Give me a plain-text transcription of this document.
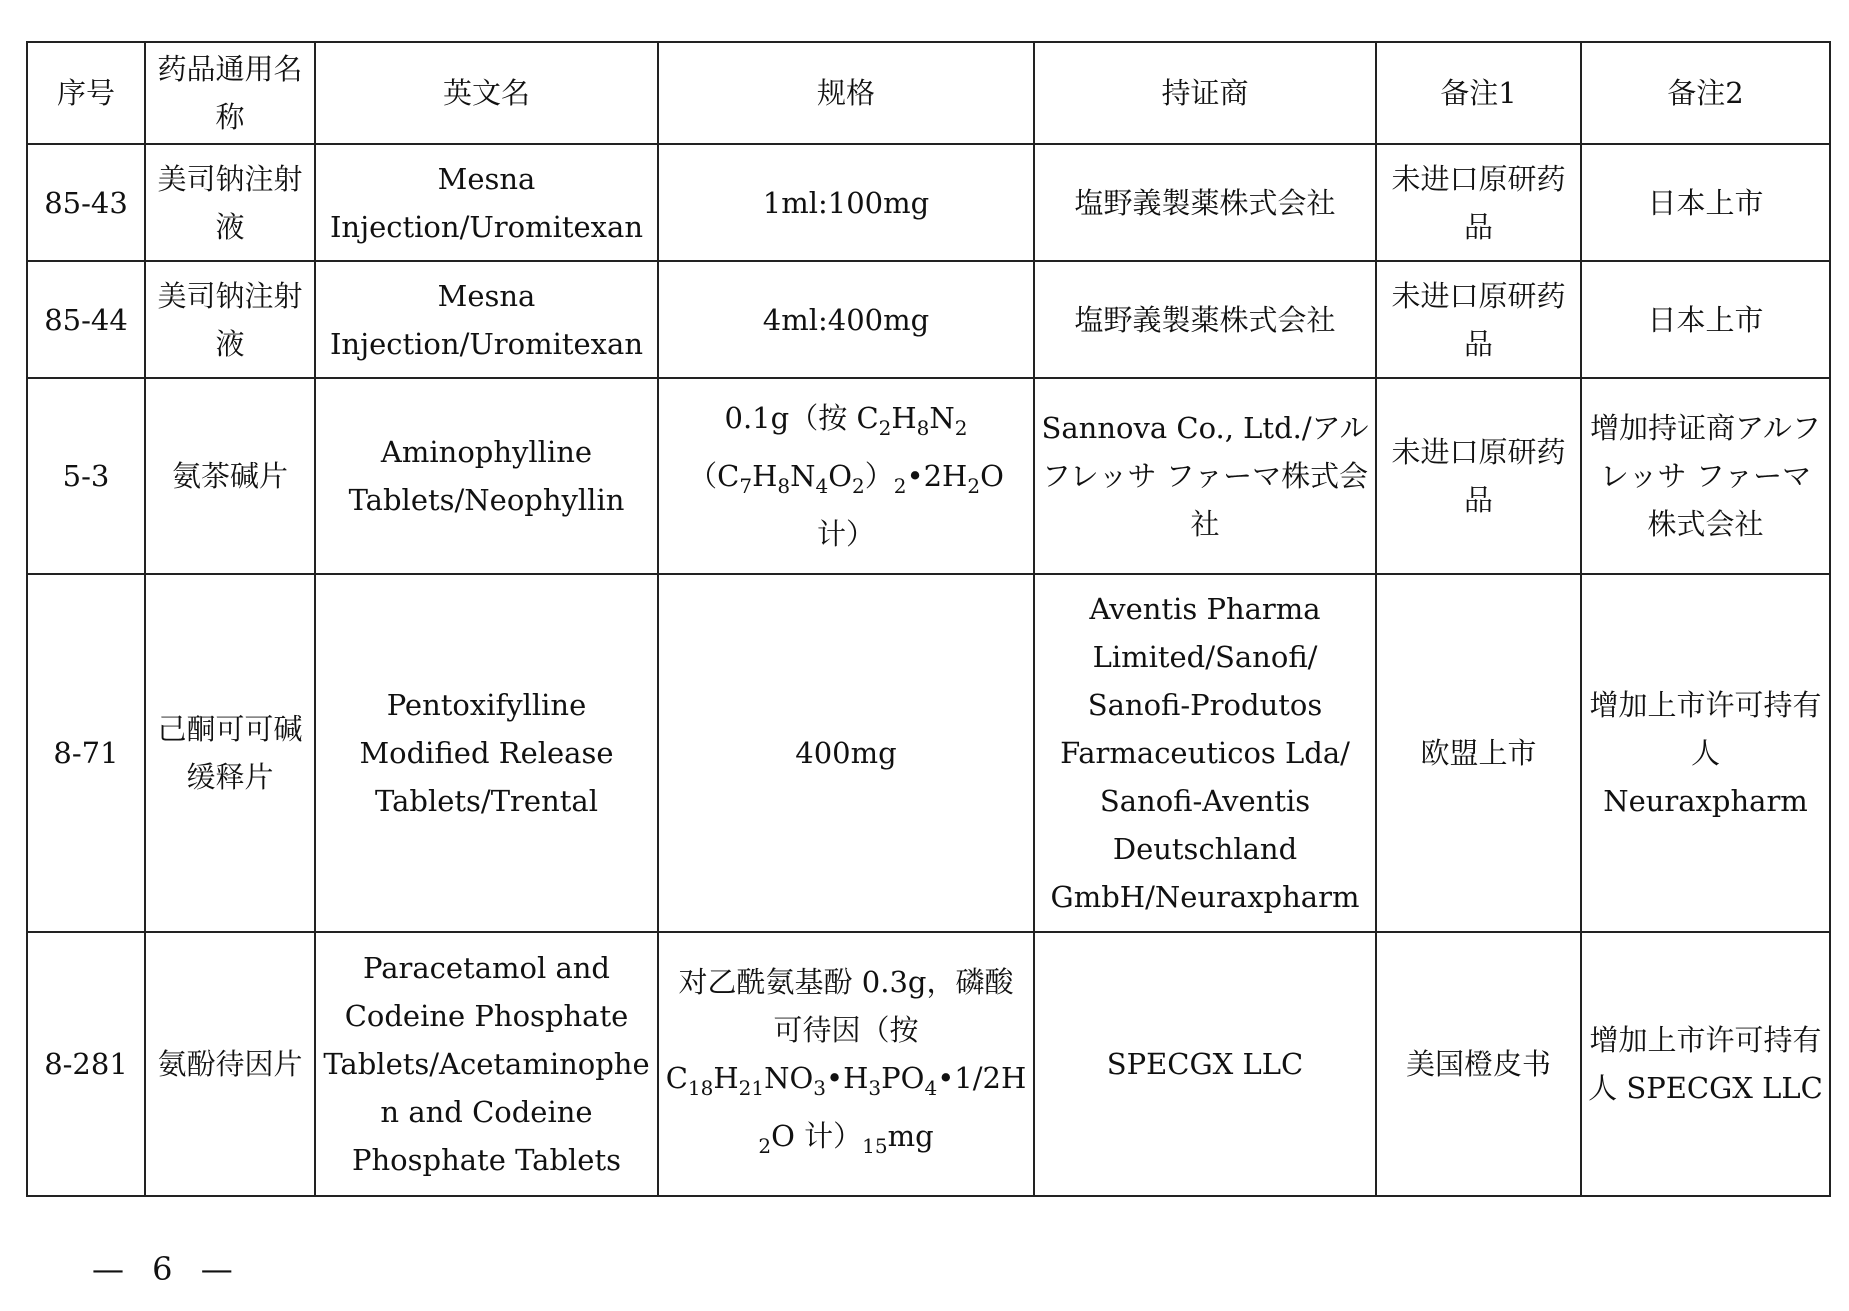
序号	药品通用名称	英文名	规格	持证商	备注1	备注2
85-43	美司钠注射液	Mesna Injection/Uromitexan	1ml:100mg	塩野義製薬株式会社	未进口原研药品	日本上市
85-44	美司钠注射液	Mesna Injection/Uromitexan	4ml:400mg	塩野義製薬株式会社	未进口原研药品	日本上市
5-3	氨茶碱片	Aminophylline Tablets/Neophyllin	0.1g（按 $C_2H_8N_2(C_7H_8N_4O_2)_2•2H_2O$ 计）	Sannova Co., Ltd./アルフレッサ ファーマ株式会社	未进口原研药品	增加持证商アルフレッサ ファーマ株式会社
8-71	己酮可可碱缓释片	Pentoxifylline Modified Release Tablets/Trental	400mg	Aventis Pharma Limited/Sanofi/ Sanofi-Produtos Farmaceuticos Lda/ Sanofi-Aventis Deutschland GmbH/Neuraxpharm	欧盟上市	增加上市许可持有人 Neuraxpharm
8-281	氨酚待因片	Paracetamol and Codeine Phosphate Tablets/Acetaminophen and Codeine Phosphate Tablets	对乙酰氨基酚 0.3g，磷酸可待因（按 $C_{18}H_{21}NO_3•H_3PO_4•1/2H_2O$ 计）$_{15}mg$	SPECGX LLC	美国橙皮书	增加上市许可持有人 SPECGX LLC
— 6 —
